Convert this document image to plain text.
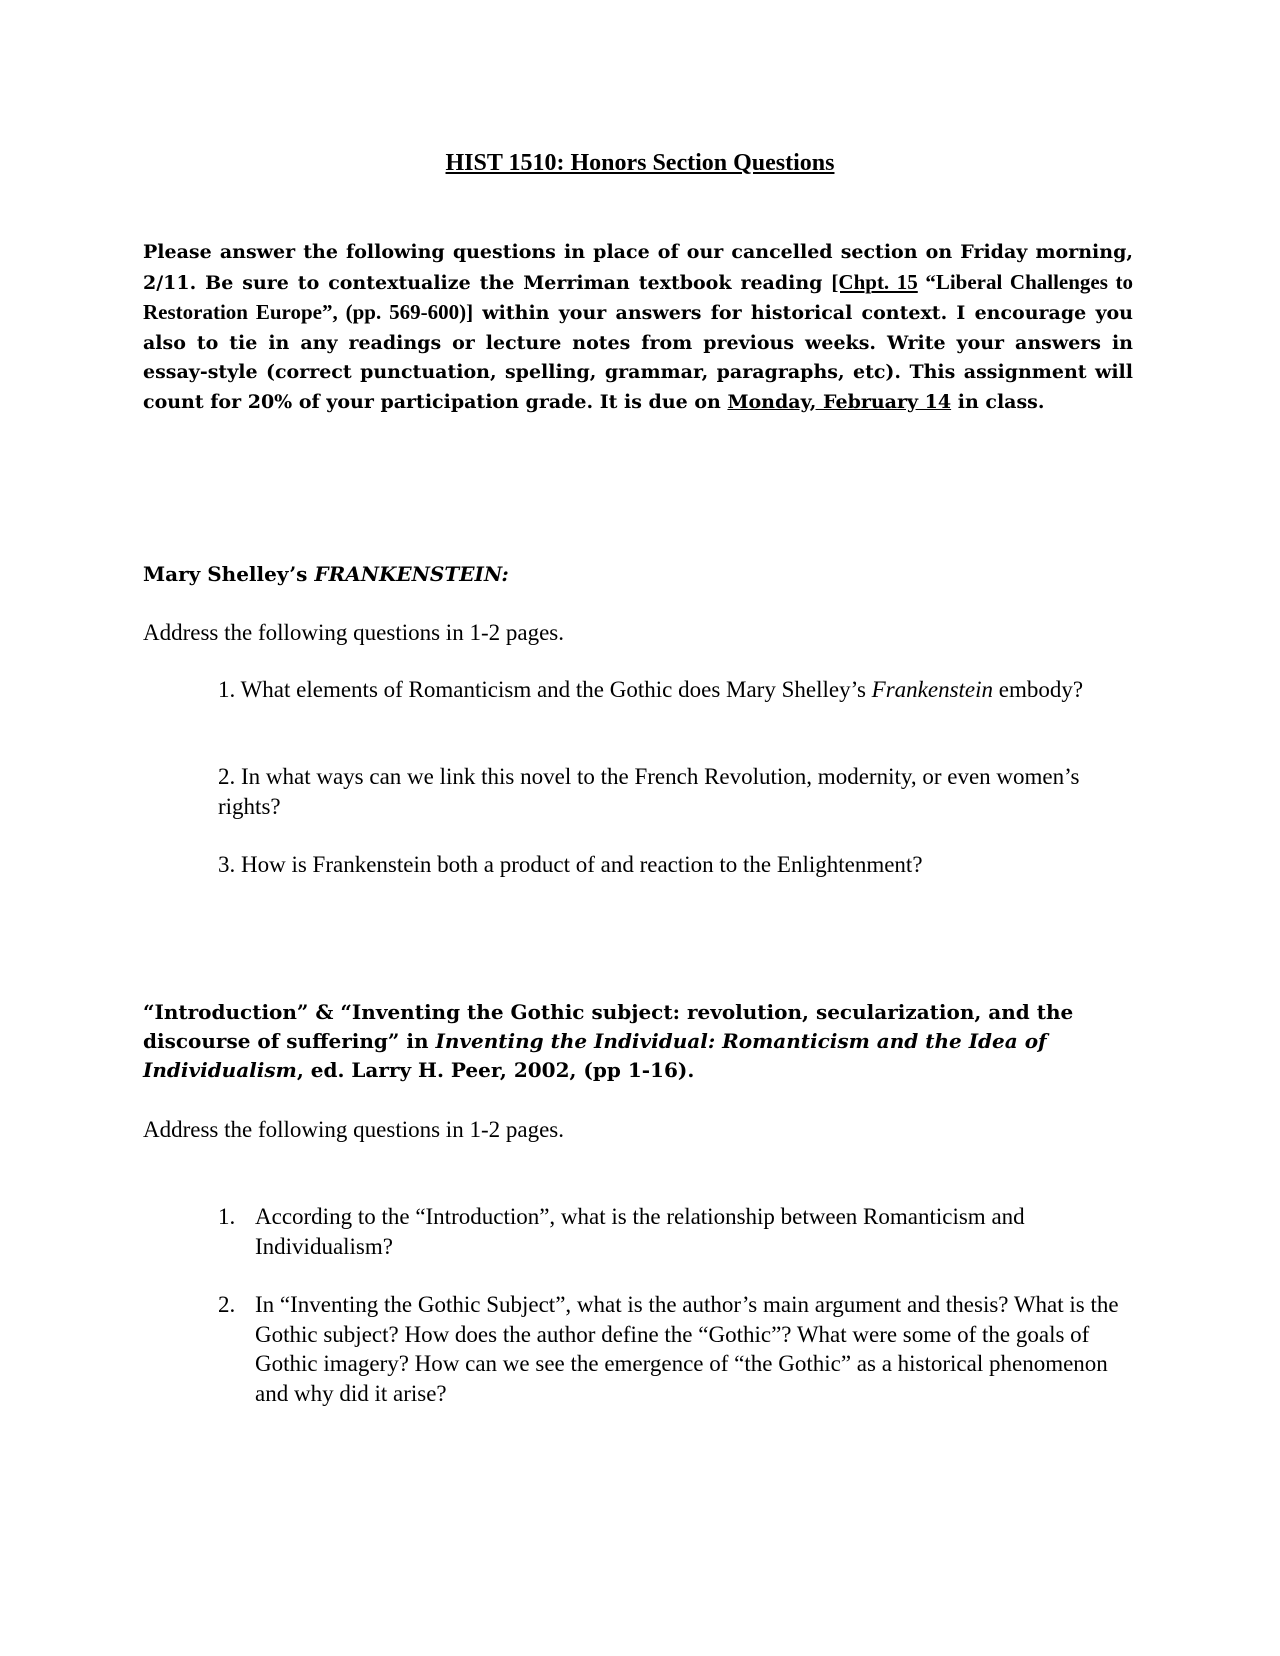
HIST 1510: Honors Section Questions

Please answer the following questions in place of our cancelled section on Friday morning, 2/11. Be sure to contextualize the Merriman textbook reading [Chpt. 15 “Liberal Challenges to Restoration Europe”, (pp. 569-600)] within your answers for historical context. I encourage you also to tie in any readings or lecture notes from previous weeks. Write your answers in essay-style (correct punctuation, spelling, grammar, paragraphs, etc). This assignment will count for 20% of your participation grade. It is due on Monday, February 14 in class.

Mary Shelley’s FRANKENSTEIN:

Address the following questions in 1-2 pages.

1. What elements of Romanticism and the Gothic does Mary Shelley’s Frankenstein embody?

2. In what ways can we link this novel to the French Revolution, modernity, or even women’s rights?

3. How is Frankenstein both a product of and reaction to the Enlightenment?

“Introduction” & “Inventing the Gothic subject: revolution, secularization, and the discourse of suffering” in Inventing the Individual: Romanticism and the Idea of Individualism, ed. Larry H. Peer, 2002, (pp 1-16).

Address the following questions in 1-2 pages.

1. According to the “Introduction”, what is the relationship between Romanticism and Individualism?

2. In “Inventing the Gothic Subject”, what is the author’s main argument and thesis? What is the Gothic subject? How does the author define the “Gothic”? What were some of the goals of Gothic imagery? How can we see the emergence of “the Gothic” as a historical phenomenon and why did it arise?
